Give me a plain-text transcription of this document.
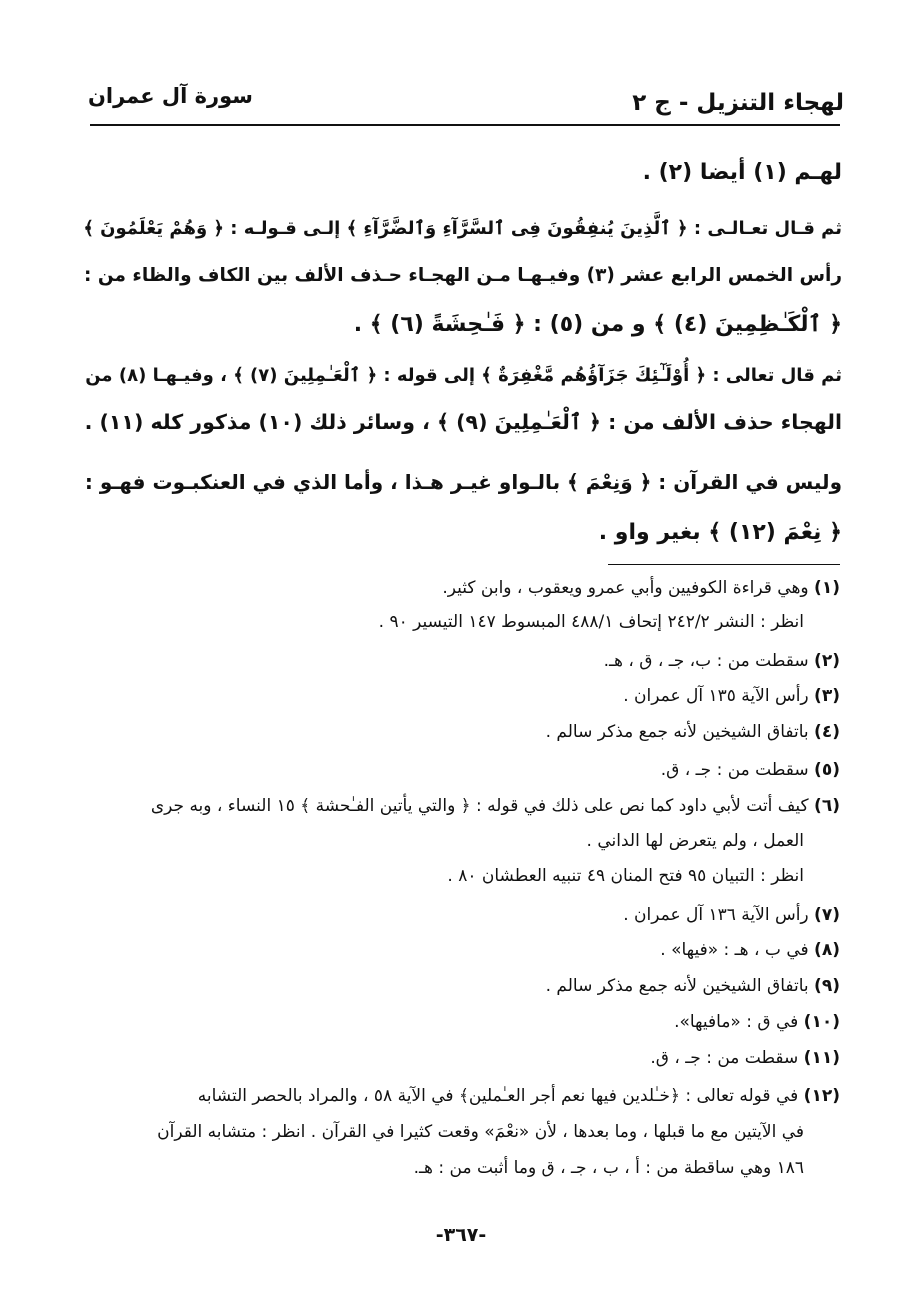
لهجاء التنزيل - ج ٢
سورة آل عمران
لهـم (١) أيضا (٢) .
ثم قـال تعـالـى : ﴿ ٱلَّذِينَ يُنفِقُونَ فِى ٱلسَّرَّآءِ وَٱلضَّرَّآءِ ﴾ إلـى قـولـه : ﴿ وَهُمْ يَعْلَمُونَ ﴾
رأس الخمس الرابع عشر (٣) وفيـهـا مـن الهجـاء حـذف الألف بين الكاف والظاء من :
﴿ ٱلْكَـٰظِمِينَ (٤) ﴾ و من (٥) : ﴿ فَـٰحِشَةً (٦) ﴾ .
ثم قال تعالى : ﴿ أُوْلَـٰٓئِكَ جَزَآؤُهُم مَّغْفِرَةٌ ﴾ إلى قوله : ﴿ ٱلْعَـٰمِلِينَ (٧) ﴾ ، وفيـهـا (٨) من
الهجاء حذف الألف من : ﴿ ٱلْعَـٰمِلِينَ (٩) ﴾ ، وسائر ذلك (١٠) مذكور كله (١١) .
وليس في القرآن : ﴿ وَنِعْمَ ﴾ بالـواو غيـر هـذا ، وأما الذي في العنكبـوت فهـو :
﴿ نِعْمَ (١٢) ﴾ بغير واو .
(١) وهي قراءة الكوفيين وأبي عمرو ويعقوب ، وابن كثير.
انظر : النشر ٢٤٢/٢ إتحاف ٤٨٨/١ المبسوط ١٤٧ التيسير ٩٠ .
(٢) سقطت من : ب، جـ ، ق ، هـ.
(٣) رأس الآية ١٣٥ آل عمران .
(٤) باتفاق الشيخين لأنه جمع مذكر سالم .
(٥) سقطت من : جـ ، ق.
(٦) كيف أتت لأبي داود كما نص على ذلك في قوله : ﴿ والتي يأتين الفـٰحشة ﴾ ١٥ النساء ، وبه جرى
العمل ، ولم يتعرض لها الداني .
انظر : التبيان ٩٥ فتح المنان ٤٩ تنبيه العطشان ٨٠ .
(٧) رأس الآية ١٣٦ آل عمران .
(٨) في ب ، هـ : «فيها» .
(٩) باتفاق الشيخين لأنه جمع مذكر سالم .
(١٠) في ق : «مافيها».
(١١) سقطت من : جـ ، ق.
(١٢) في قوله تعالى : ﴿خـٰلدين فيها نعم أجر العـٰملين﴾ في الآية ٥٨ ، والمراد بالحصر التشابه
في الآيتين مع ما قبلها ، وما بعدها ، لأن «نعْمَ» وقعت كثيرا في القرآن . انظر : متشابه القرآن
١٨٦ وهي ساقطة من : أ ، ب ، جـ ، ق وما أثبت من : هـ.
-٣٦٧-
